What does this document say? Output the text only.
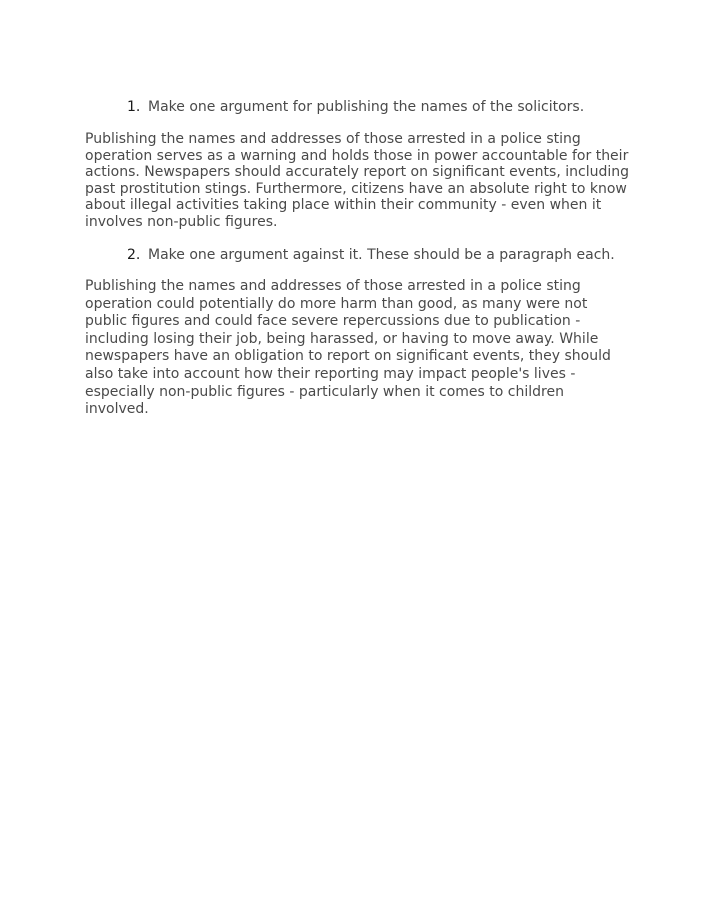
1. Make one argument for publishing the names of the solicitors.

Publishing the names and addresses of those arrested in a police sting
operation serves as a warning and holds those in power accountable for their
actions. Newspapers should accurately report on significant events, including
past prostitution stings. Furthermore, citizens have an absolute right to know
about illegal activities taking place within their community - even when it
involves non-public figures.

2. Make one argument against it. These should be a paragraph each.

Publishing the names and addresses of those arrested in a police sting
operation could potentially do more harm than good, as many were not
public figures and could face severe repercussions due to publication -
including losing their job, being harassed, or having to move away. While
newspapers have an obligation to report on significant events, they should
also take into account how their reporting may impact people's lives -
especially non-public figures - particularly when it comes to children
involved.
